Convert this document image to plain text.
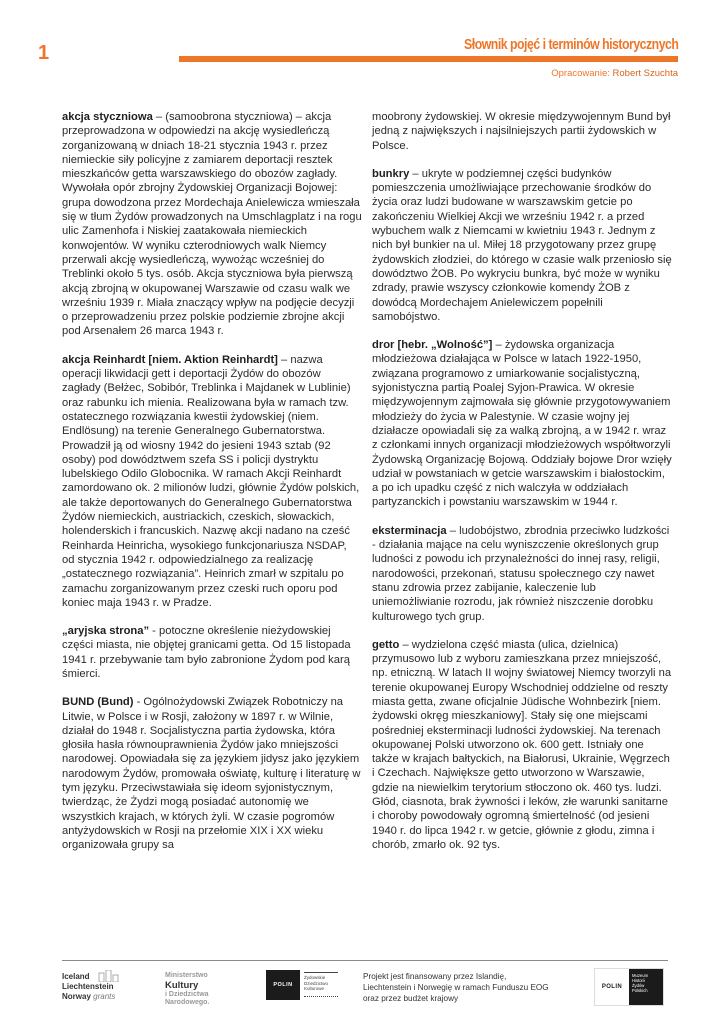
1	Słownik pojęć i terminów historycznych
Opracowanie: Robert Szuchta

akcja styczniowa – (samoobrona styczniowa) – akcja przeprowadzona w odpowiedzi na akcję wysiedleńczą zorganizowaną w dniach 18-21 stycznia 1943 r. przez niemieckie siły policyjne z zamiarem deportacji resztek mieszkańców getta warszawskiego do obozów zagłady. Wywołała opór zbrojny Żydowskiej Organizacji Bojowej: grupa dowodzona przez Mordechaja Anielewicza wmieszała się w tłum Żydów prowadzonych na Umschlagplatz i na rogu ulic Zamenhofa i Niskiej zaatakowała niemieckich konwojentów. W wyniku czterodniowych walk Niemcy przerwali akcję wysiedleńczą, wywożąc wcześniej do Treblinki około 5 tys. osób. Akcja styczniowa była pierwszą akcją zbrojną w okupowanej Warszawie od czasu walk we wrześniu 1939 r. Miała znaczący wpływ na podjęcie decyzji o przeprowadzeniu przez polskie podziemie zbrojne akcji pod Arsenałem 26 marca 1943 r.

akcja Reinhardt [niem. Aktion Reinhardt] – nazwa operacji likwidacji gett i deportacji Żydów do obozów zagłady (Bełżec, Sobibór, Treblinka i Majdanek w Lublinie) oraz rabunku ich mienia. Realizowana była w ramach tzw. ostatecznego rozwiązania kwestii żydowskiej (niem. Endlösung) na terenie Generalnego Gubernatorstwa. Prowadził ją od wiosny 1942 do jesieni 1943 sztab (92 osoby) pod dowództwem szefa SS i policji dystryktu lubelskiego Odilo Globocnika. W ramach Akcji Reinhardt zamordowano ok. 2 milionów ludzi, głównie Żydów polskich, ale także deportowanych do Generalnego Gubernatorstwa Żydów niemieckich, austriackich, czeskich, słowackich, holenderskich i francuskich. Nazwę akcji nadano na cześć Reinharda Heinricha, wysokiego funkcjonariusza NSDAP, od stycznia 1942 r. odpowiedzialnego za realizację „ostatecznego rozwiązania”. Heinrich zmarł w szpitalu po zamachu zorganizowanym przez czeski ruch oporu pod koniec maja 1943 r. w Pradze.

„aryjska strona” - potoczne określenie nieżydowskiej części miasta, nie objętej granicami getta. Od 15 listopada 1941 r. przebywanie tam było zabronione Żydom pod karą śmierci.

BUND (Bund) - Ogólnożydowski Związek Robotniczy na Litwie, w Polsce i w Rosji, założony w 1897 r. w Wilnie, działał do 1948 r. Socjalistyczna partia żydowska, która głosiła hasła równouprawnienia Żydów jako mniejszości narodowej. Opowiadała się za językiem jidysz jako językiem narodowym Żydów, promowała oświatę, kulturę i literaturę w tym języku. Przeciwstawiała się ideom syjonistycznym, twierdząc, że Żydzi mogą posiadać autonomię we wszystkich krajach, w których żyli. W czasie pogromów antyżydowskich w Rosji na przełomie XIX i XX wieku organizowała grupy sa

moobrony żydowskiej. W okresie międzywojennym Bund był jedną z największych i najsilniejszych partii żydowskich w Polsce.

bunkry – ukryte w podziemnej części budynków pomieszczenia umożliwiające przechowanie środków do życia oraz ludzi budowane w warszawskim getcie po zakończeniu Wielkiej Akcji we wrześniu 1942 r. a przed wybuchem walk z Niemcami w kwietniu 1943 r. Jednym z nich był bunkier na ul. Miłej 18 przygotowany przez grupę żydowskich złodziei, do którego w czasie walk przeniosło się dowództwo ŻOB. Po wykryciu bunkra, być może w wyniku zdrady, prawie wszyscy członkowie komendy ŻOB z dowódcą Mordechajem Anielewiczem popełnili samobójstwo.

dror [hebr. „Wolność”] – żydowska organizacja młodzieżowa działająca w Polsce w latach 1922-1950, związana programowo z umiarkowanie socjalistyczną, syjonistyczna partią Poalej Syjon-Prawica. W okresie międzywojennym zajmowała się głównie przygotowywaniem młodzieży do życia w Palestynie. W czasie wojny jej działacze opowiadali się za walką zbrojną, a w 1942 r. wraz z członkami innych organizacji młodzieżowych współtworzyli Żydowską Organizację Bojową. Oddziały bojowe Dror wzięły udział w powstaniach w getcie warszawskim i białostockim, a po ich upadku część z nich walczyła w oddziałach partyzanckich i powstaniu warszawskim w 1944 r.

eksterminacja – ludobójstwo, zbrodnia przeciwko ludzkości - działania mające na celu wyniszczenie określonych grup ludności z powodu ich przynależności do innej rasy, religii, narodowości, przekonań, statusu społecznego czy nawet stanu zdrowia przez zabijanie, kaleczenie lub uniemożliwianie rozrodu, jak również niszczenie dorobku kulturowego tych grup.

getto – wydzielona część miasta (ulica, dzielnica) przymusowo lub z wyboru zamieszkana przez mniejszość, np. etniczną. W latach II wojny światowej Niemcy tworzyli na terenie okupowanej Europy Wschodniej oddzielne od reszty miasta getta, zwane oficjalnie Jüdische Wohnbezirk [niem. żydowski okręg mieszkaniowy]. Stały się one miejscami pośredniej eksterminacji ludności żydowskiej. Na terenach okupowanej Polski utworzono ok. 600 gett. Istniały one także w krajach bałtyckich, na Białorusi, Ukrainie, Węgrzech i Czechach. Największe getto utworzono w Warszawie, gdzie na niewielkim terytorium stłoczono ok. 460 tys. ludzi. Głód, ciasnota, brak żywności i leków, złe warunki sanitarne i choroby powodowały ogromną śmiertelność (od jesieni 1940 r. do lipca 1942 r. w getcie, głównie z głodu, zimna i chorób, zmarło ok. 92 tys.

Iceland
Liechtenstein
Norway grants
Ministerstwo
Kultury
i Dziedzictwa
Narodowego.
POLIN
Żydowskie
Dziedzictwo
Kulturowe
Projekt jest finansowany przez Islandię,
Liechtenstein i Norwegię w ramach Funduszu EOG
oraz przez budżet krajowy
POLIN
Muzeum
Historii
Żydów
Polskich
